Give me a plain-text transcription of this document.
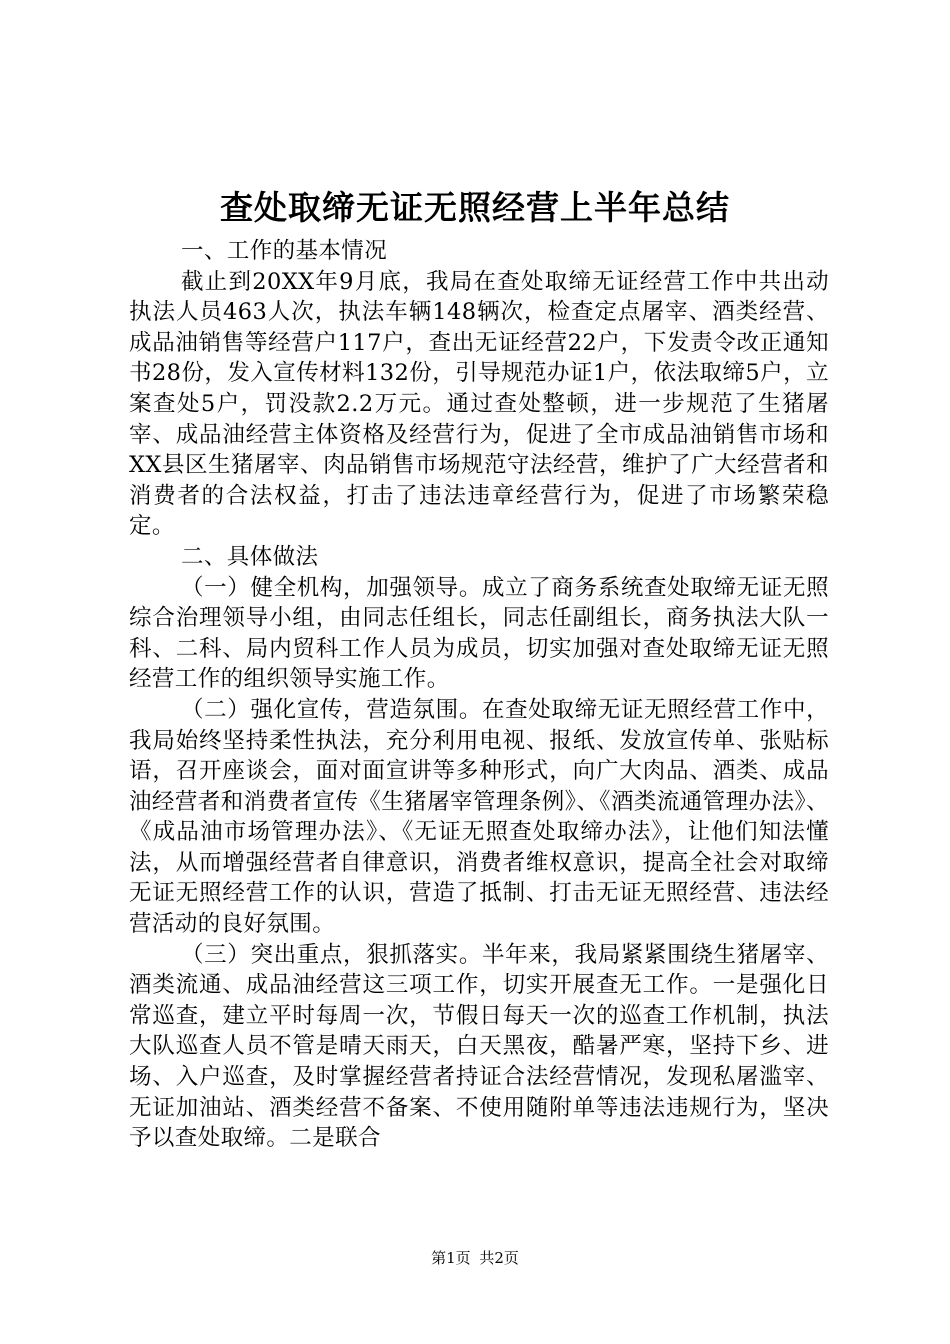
查处取缔无证无照经营上半年总结

一、工作的基本情况

截止到20XX年9月底，我局在查处取缔无证经营工作中共出动执法人员463人次，执法车辆148辆次，检查定点屠宰、酒类经营、成品油销售等经营户117户，查出无证经营22户，下发责令改正通知书28份，发入宣传材料132份，引导规范办证1户，依法取缔5户，立案查处5户，罚没款2.2万元。通过查处整顿，进一步规范了生猪屠宰、成品油经营主体资格及经营行为，促进了全市成品油销售市场和XX县区生猪屠宰、肉品销售市场规范守法经营，维护了广大经营者和消费者的合法权益，打击了违法违章经营行为，促进了市场繁荣稳定。

二、具体做法

（一）健全机构，加强领导。成立了商务系统查处取缔无证无照综合治理领导小组，由同志任组长，同志任副组长，商务执法大队一科、二科、局内贸科工作人员为成员，切实加强对查处取缔无证无照经营工作的组织领导实施工作。

（二）强化宣传，营造氛围。在查处取缔无证无照经营工作中，我局始终坚持柔性执法，充分利用电视、报纸、发放宣传单、张贴标语，召开座谈会，面对面宣讲等多种形式，向广大肉品、酒类、成品油经营者和消费者宣传《生猪屠宰管理条例》、《酒类流通管理办法》、《成品油市场管理办法》、《无证无照查处取缔办法》，让他们知法懂法，从而增强经营者自律意识，消费者维权意识，提高全社会对取缔无证无照经营工作的认识，营造了抵制、打击无证无照经营、违法经营活动的良好氛围。

（三）突出重点，狠抓落实。半年来，我局紧紧围绕生猪屠宰、酒类流通、成品油经营这三项工作，切实开展查无工作。一是强化日常巡查，建立平时每周一次，节假日每天一次的巡查工作机制，执法大队巡查人员不管是晴天雨天，白天黑夜，酷暑严寒，坚持下乡、进场、入户巡查，及时掌握经营者持证合法经营情况，发现私屠滥宰、无证加油站、酒类经营不备案、不使用随附单等违法违规行为，坚决予以查处取缔。二是联合

第1页 共2页
